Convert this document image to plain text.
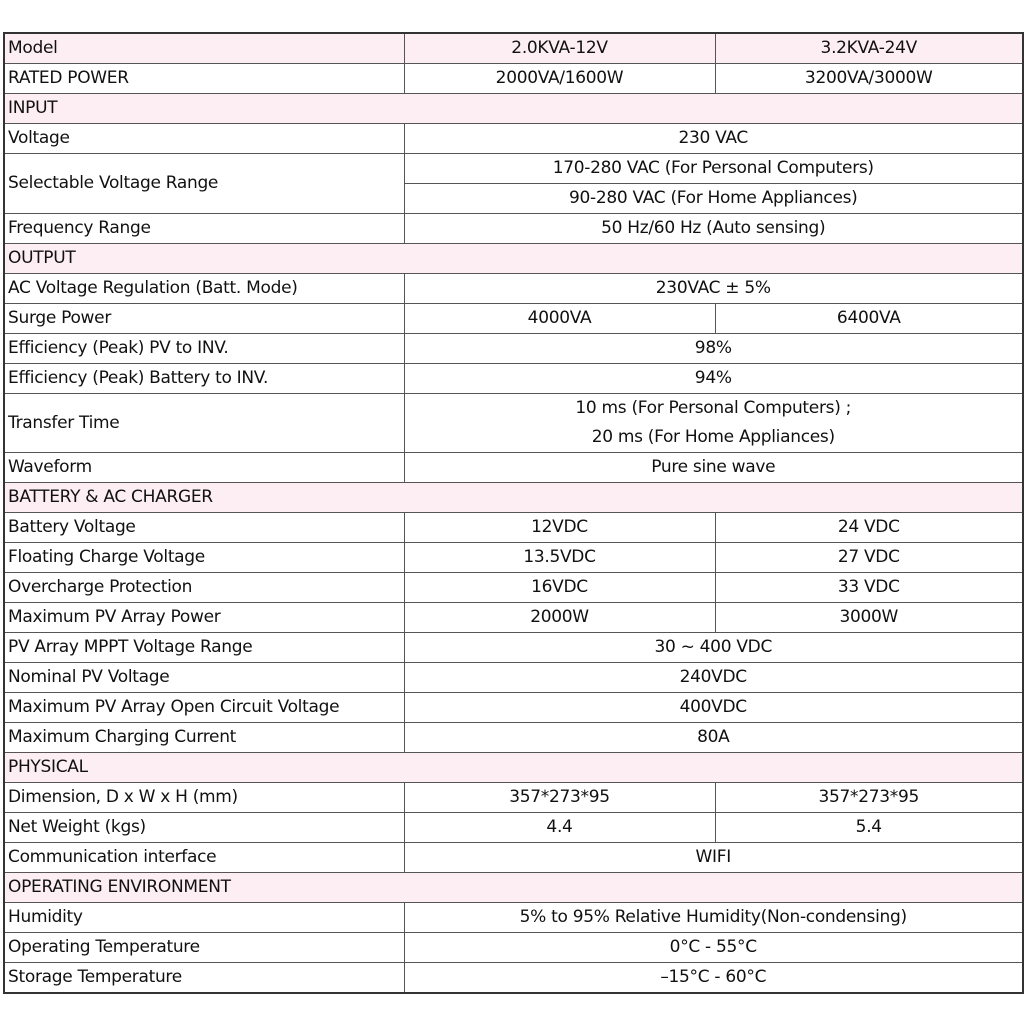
Model	2.0KVA-12V	3.2KVA-24V
RATED POWER	2000VA/1600W	3200VA/3000W
INPUT		
Voltage	230 VAC	
Selectable Voltage Range	170-280 VAC (For Personal Computers)	
	90-280 VAC (For Home Appliances)	
Frequency Range	50 Hz/60 Hz (Auto sensing)	
OUTPUT		
AC Voltage Regulation (Batt. Mode)	230VAC ± 5%	
Surge Power	4000VA	6400VA
Efficiency (Peak) PV to INV.	98%	
Efficiency (Peak) Battery to INV.	94%	
Transfer Time	10 ms (For Personal Computers) ;	
	20 ms (For Home Appliances)	
Waveform	Pure sine wave	
BATTERY & AC CHARGER		
Battery Voltage	12VDC	24 VDC
Floating Charge Voltage	13.5VDC	27 VDC
Overcharge Protection	16VDC	33 VDC
Maximum PV Array Power	2000W	3000W
PV Array MPPT Voltage Range	30 ~ 400 VDC	
Nominal PV Voltage	240VDC	
Maximum PV Array Open Circuit Voltage	400VDC	
Maximum Charging Current	80A	
PHYSICAL		
Dimension, D x W x H (mm)	357*273*95	357*273*95
Net Weight (kgs)	4.4	5.4
Communication interface	WIFI	
OPERATING ENVIRONMENT		
Humidity	5% to 95% Relative Humidity(Non-condensing)	
Operating Temperature	0°C - 55°C	
Storage Temperature	–15°C - 60°C	
